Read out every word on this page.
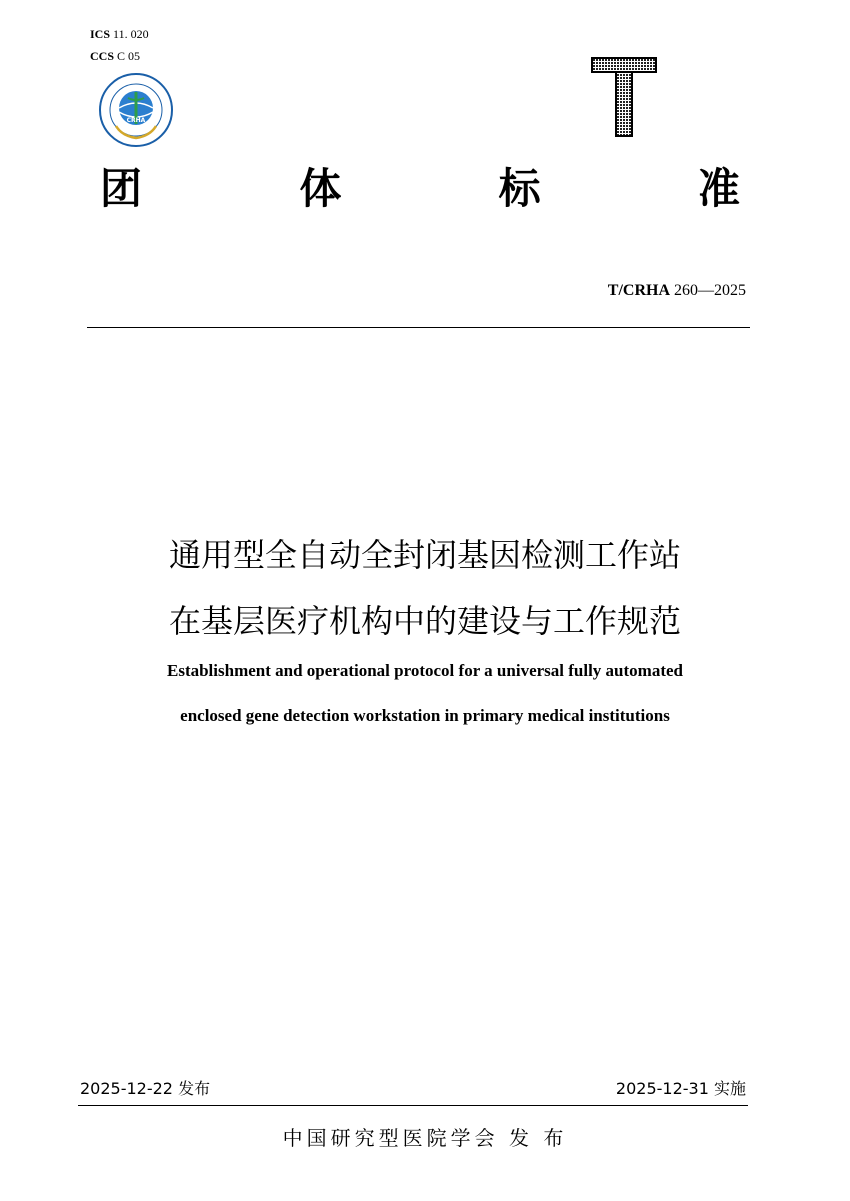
ICS 11. 020
CCS C 05
CRHA
团	体	标	准
T/CRHA 260—2025
通用型全自动全封闭基因检测工作站
在基层医疗机构中的建设与工作规范
Establishment and operational protocol for a universal fully automated
enclosed gene detection workstation in primary medical institutions
2025-12-22 发布	2025-12-31 实施
中国研究型医院学会 发 布
